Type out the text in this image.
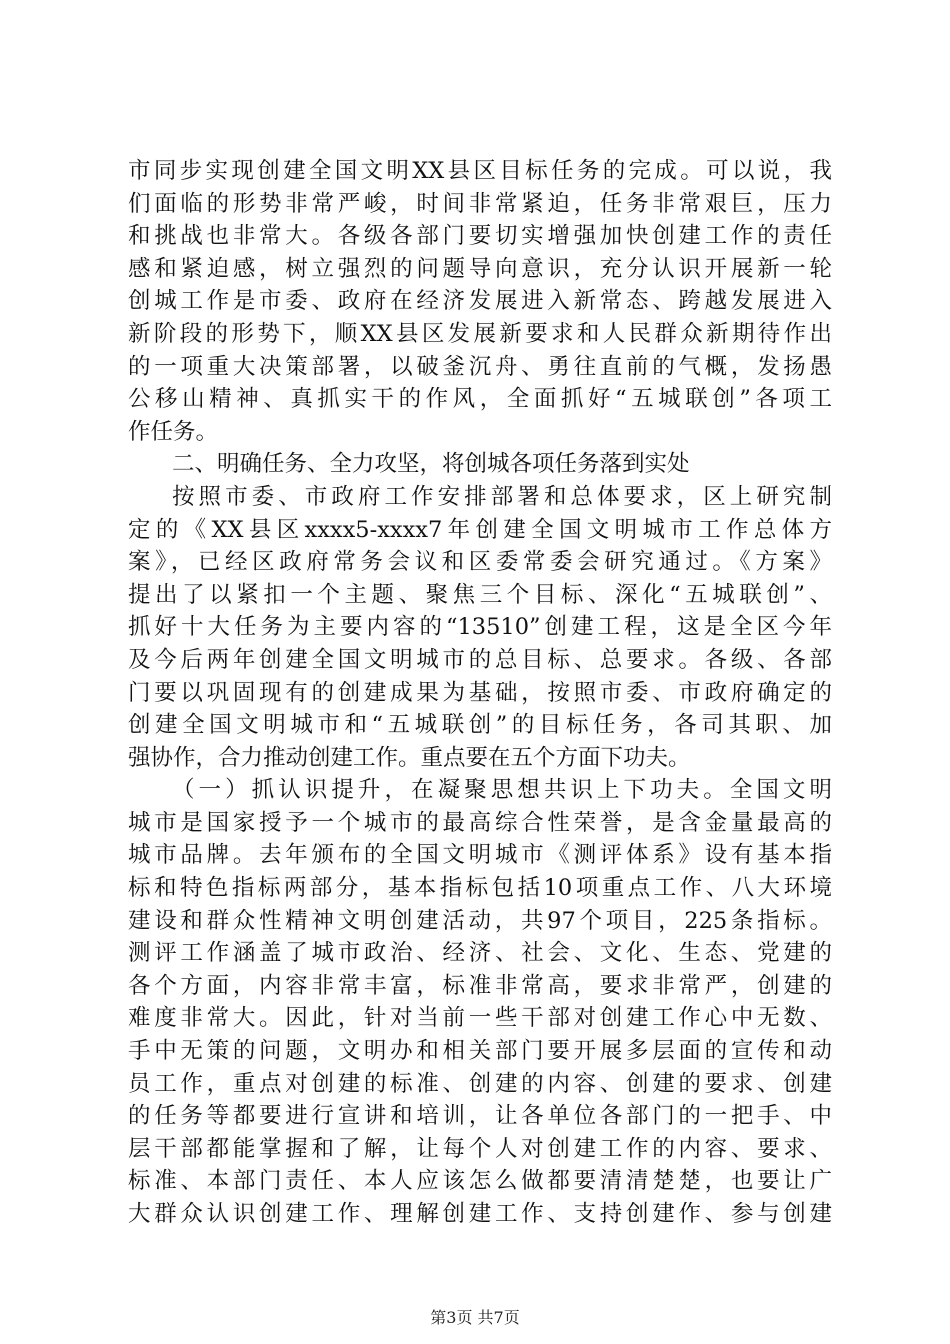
市同步实现创建全国文明XX县区目标任务的完成。可以说，我
们面临的形势非常严峻，时间非常紧迫，任务非常艰巨，压力
和挑战也非常大。各级各部门要切实增强加快创建工作的责任
感和紧迫感，树立强烈的问题导向意识，充分认识开展新一轮
创城工作是市委、政府在经济发展进入新常态、跨越发展进入
新阶段的形势下，顺XX县区发展新要求和人民群众新期待作出
的一项重大决策部署，以破釜沉舟、勇往直前的气概，发扬愚
公移山精神、真抓实干的作风，全面抓好“五城联创”各项工
作任务。
二、明确任务、全力攻坚，将创城各项任务落到实处
按照市委、市政府工作安排部署和总体要求，区上研究制
定的《XX县区xxxx5-xxxx7年创建全国文明城市工作总体方
案》，已经区政府常务会议和区委常委会研究通过。《方案》
提出了以紧扣一个主题、聚焦三个目标、深化“五城联创”、
抓好十大任务为主要内容的“13510”创建工程，这是全区今年
及今后两年创建全国文明城市的总目标、总要求。各级、各部
门要以巩固现有的创建成果为基础，按照市委、市政府确定的
创建全国文明城市和“五城联创”的目标任务，各司其职、加
强协作，合力推动创建工作。重点要在五个方面下功夫。
（一）抓认识提升，在凝聚思想共识上下功夫。全国文明
城市是国家授予一个城市的最高综合性荣誉，是含金量最高的
城市品牌。去年颁布的全国文明城市《测评体系》设有基本指
标和特色指标两部分，基本指标包括10项重点工作、八大环境
建设和群众性精神文明创建活动，共97个项目，225条指标。
测评工作涵盖了城市政治、经济、社会、文化、生态、党建的
各个方面，内容非常丰富，标准非常高，要求非常严，创建的
难度非常大。因此，针对当前一些干部对创建工作心中无数、
手中无策的问题，文明办和相关部门要开展多层面的宣传和动
员工作，重点对创建的标准、创建的内容、创建的要求、创建
的任务等都要进行宣讲和培训，让各单位各部门的一把手、中
层干部都能掌握和了解，让每个人对创建工作的内容、要求、
标准、本部门责任、本人应该怎么做都要清清楚楚，也要让广
大群众认识创建工作、理解创建工作、支持创建作、参与创建
第3页 共7页
